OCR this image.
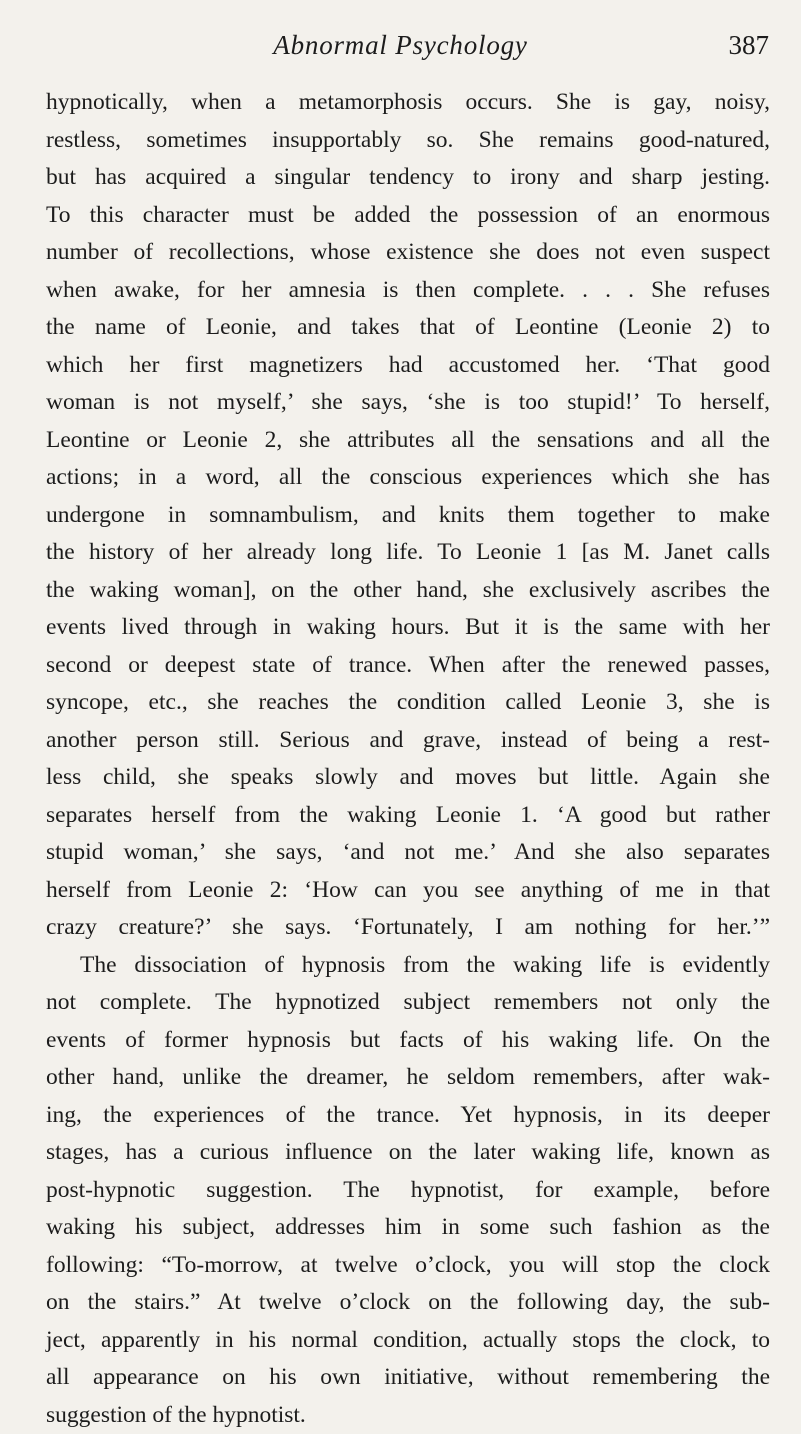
Abnormal Psychology	387
hypnotically, when a metamorphosis occurs. She is gay, noisy,
restless, sometimes insupportably so. She remains good-natured,
but has acquired a singular tendency to irony and sharp jesting.
To this character must be added the possession of an enormous
number of recollections, whose existence she does not even suspect
when awake, for her amnesia is then complete. . . . She refuses
the name of Leonie, and takes that of Leontine (Leonie 2) to
which her first magnetizers had accustomed her. ‘That good
woman is not myself,’ she says, ‘she is too stupid!’ To herself,
Leontine or Leonie 2, she attributes all the sensations and all the
actions; in a word, all the conscious experiences which she has
undergone in somnambulism, and knits them together to make
the history of her already long life. To Leonie 1 [as M. Janet calls
the waking woman], on the other hand, she exclusively ascribes the
events lived through in waking hours. But it is the same with her
second or deepest state of trance. When after the renewed passes,
syncope, etc., she reaches the condition called Leonie 3, she is
another person still. Serious and grave, instead of being a rest-
less child, she speaks slowly and moves but little. Again she
separates herself from the waking Leonie 1. ‘A good but rather
stupid woman,’ she says, ‘and not me.’ And she also separates
herself from Leonie 2: ‘How can you see anything of me in that
crazy creature?’ she says. ‘Fortunately, I am nothing for her.’”
The dissociation of hypnosis from the waking life is evidently
not complete. The hypnotized subject remembers not only the
events of former hypnosis but facts of his waking life. On the
other hand, unlike the dreamer, he seldom remembers, after wak-
ing, the experiences of the trance. Yet hypnosis, in its deeper
stages, has a curious influence on the later waking life, known as
post-hypnotic suggestion. The hypnotist, for example, before
waking his subject, addresses him in some such fashion as the
following: “To-morrow, at twelve o’clock, you will stop the clock
on the stairs.” At twelve o’clock on the following day, the sub-
ject, apparently in his normal condition, actually stops the clock, to
all appearance on his own initiative, without remembering the
suggestion of the hypnotist.
